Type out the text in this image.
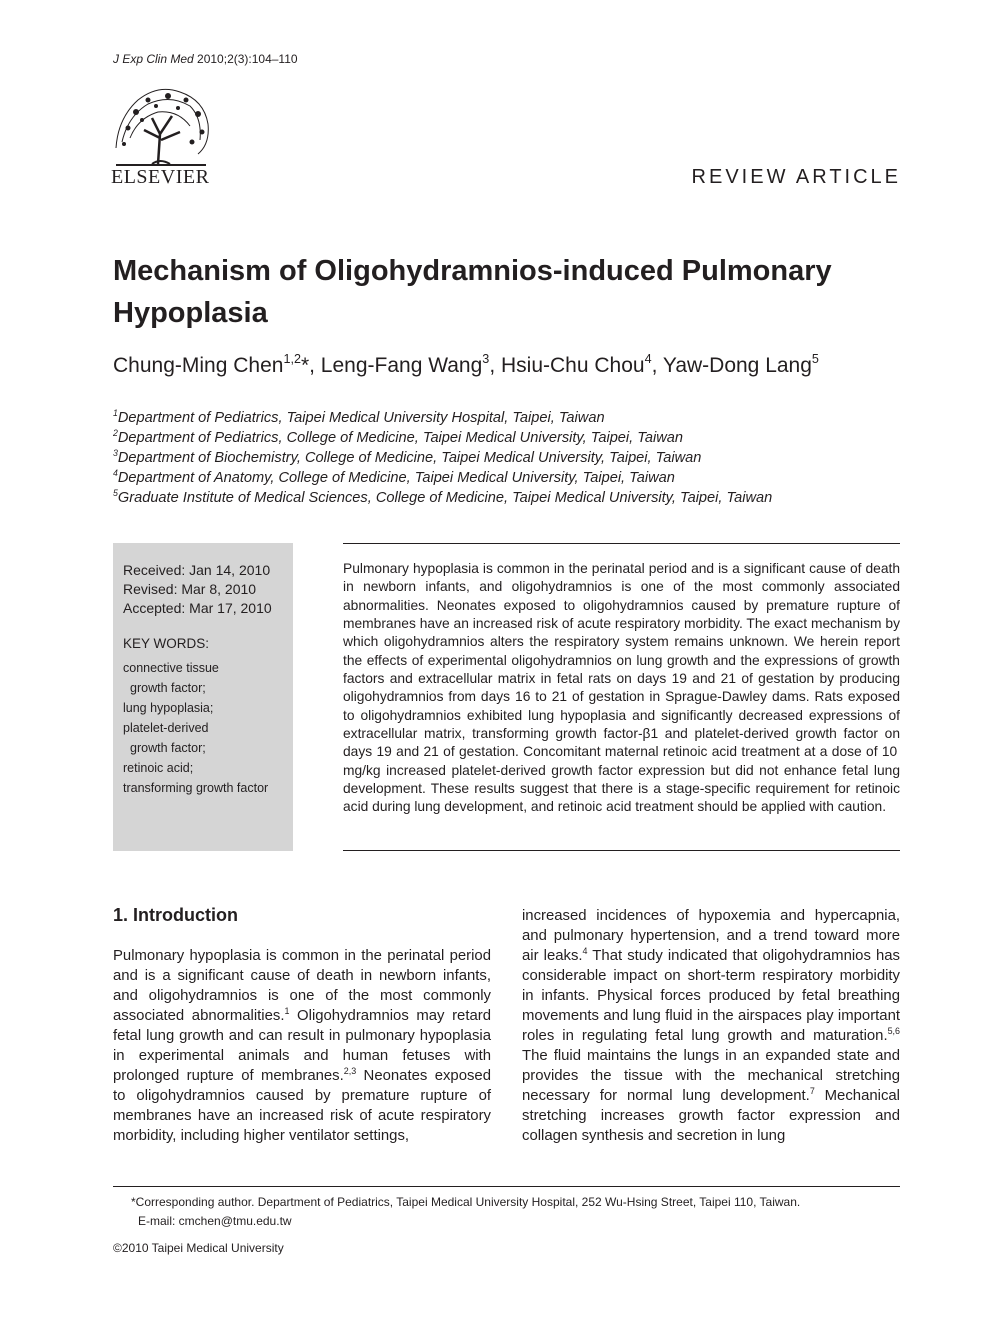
J Exp Clin Med 2010;2(3):104–110
ELSEVIER	REVIEW ARTICLE
Mechanism of Oligohydramnios-induced Pulmonary Hypoplasia
Chung-Ming Chen$^{1,2}$*, Leng-Fang Wang$^3$, Hsiu-Chu Chou$^4$, Yaw-Dong Lang$^5$
$^1$Department of Pediatrics, Taipei Medical University Hospital, Taipei, Taiwan
$^2$Department of Pediatrics, College of Medicine, Taipei Medical University, Taipei, Taiwan
$^3$Department of Biochemistry, College of Medicine, Taipei Medical University, Taipei, Taiwan
$^4$Department of Anatomy, College of Medicine, Taipei Medical University, Taipei, Taiwan
$^5$Graduate Institute of Medical Sciences, College of Medicine, Taipei Medical University, Taipei, Taiwan
Received: Jan 14, 2010
Revised: Mar 8, 2010
Accepted: Mar 17, 2010
KEY WORDS:
connective tissue
growth factor;
lung hypoplasia;
platelet-derived
growth factor;
retinoic acid;
transforming growth factor
Pulmonary hypoplasia is common in the perinatal period and is a significant cause of death in newborn infants, and oligohydramnios is one of the most commonly associated abnormalities. Neonates exposed to oligohydramnios caused by premature rupture of membranes have an increased risk of acute respiratory morbidity. The exact mechanism by which oligohydramnios alters the respiratory system remains unknown. We herein report the effects of experimental oligohydramnios on lung growth and the expressions of growth factors and extracellular matrix in fetal rats on days 19 and 21 of gestation by producing oligohydramnios from days 16 to 21 of gestation in Sprague-Dawley dams. Rats exposed to oligohydramnios exhibited lung hypoplasia and significantly decreased expressions of extracellular matrix, transforming growth factor-β1 and platelet-derived growth factor on days 19 and 21 of gestation. Concomitant maternal retinoic acid treatment at a dose of 10 mg/kg increased platelet-derived growth factor expression but did not enhance fetal lung development. These results suggest that there is a stage-specific requirement for retinoic acid during lung development, and retinoic acid treatment should be applied with caution.
1. Introduction
Pulmonary hypoplasia is common in the perinatal period and is a significant cause of death in newborn infants, and oligohydramnios is one of the most commonly associated abnormalities.$^1$ Oligohydramnios may retard fetal lung growth and can result in pulmonary hypoplasia in experimental animals and human fetuses with prolonged rupture of membranes.$^{2,3}$ Neonates exposed to oligohydramnios caused by premature rupture of membranes have an increased risk of acute respiratory morbidity, including higher ventilator settings,
increased incidences of hypoxemia and hypercapnia, and pulmonary hypertension, and a trend toward more air leaks.$^4$ That study indicated that oligohydramnios has considerable impact on short-term respiratory morbidity in infants. Physical forces produced by fetal breathing movements and lung fluid in the airspaces play important roles in regulating fetal lung growth and maturation.$^{5,6}$ The fluid maintains the lungs in an expanded state and provides the tissue with the mechanical stretching necessary for normal lung development.$^7$ Mechanical stretching increases growth factor expression and collagen synthesis and secretion in lung
*Corresponding author. Department of Pediatrics, Taipei Medical University Hospital, 252 Wu-Hsing Street, Taipei 110, Taiwan.
E-mail: cmchen@tmu.edu.tw
©2010 Taipei Medical University
